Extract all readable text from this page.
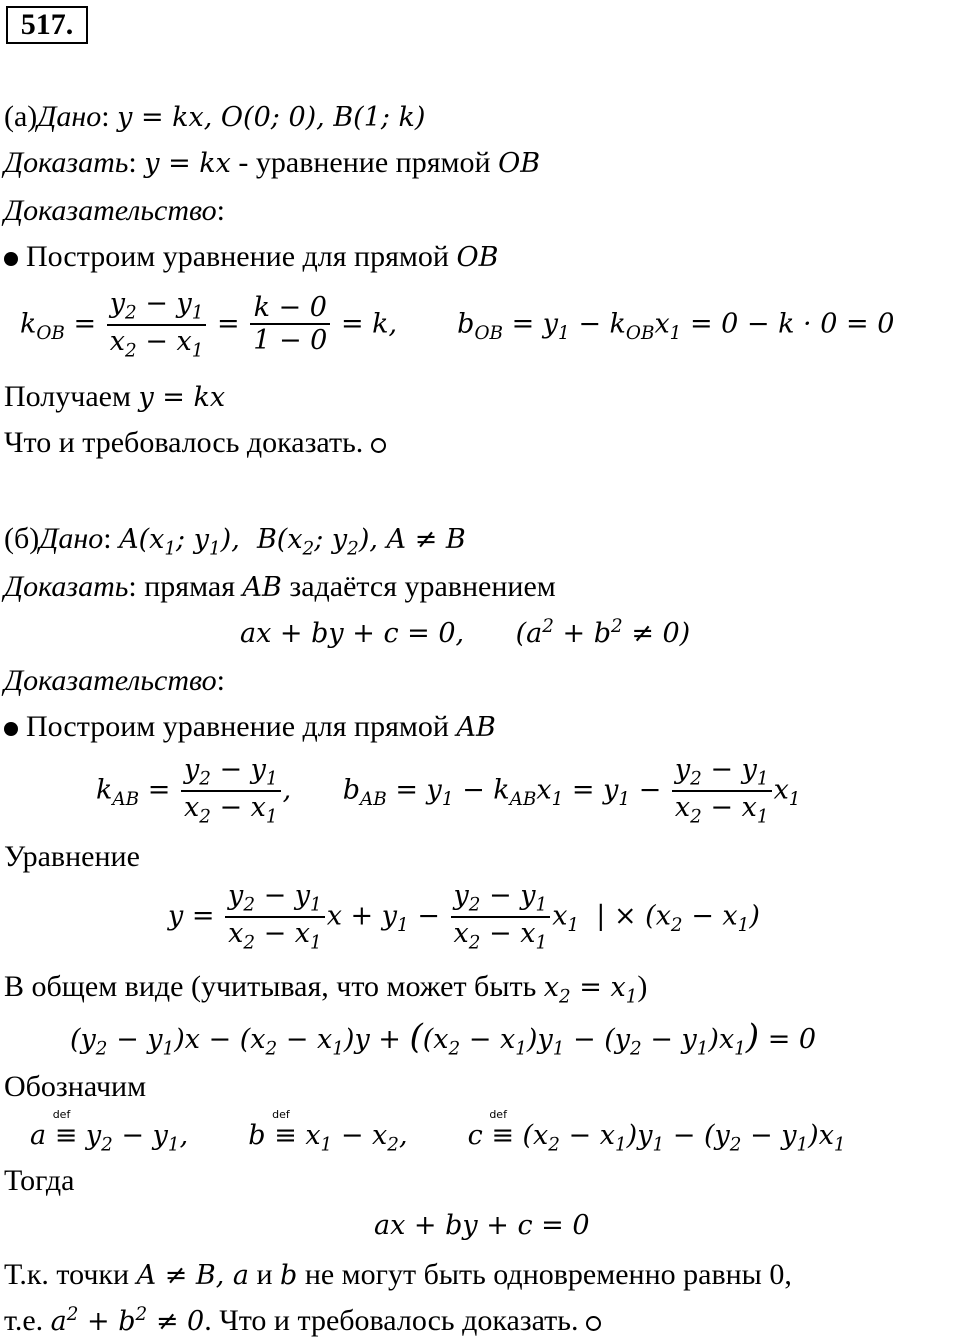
517.
(а)Дано: y = kx, O(0; 0), B(1; k)
Доказать: y = kx - уравнение прямой OB
Доказательство:
Построим уравнение для прямой OB
$k_{OB} = \frac{y_2 - y_1}{x_2 - x_1} = \frac{k - 0}{1 - 0} = k$,       $b_{OB} = y_1 - k_{OB}x_1 = 0 - k \cdot 0 = 0$
Получаем y = kx
Что и требовалось доказать.
(б)Дано: $A(x_1$; $y_1$),  $B(x_2$; $y_2$), A ≠ B
Доказать: прямая AB задаётся уравнением
ax + by + c = 0,      $(a^2 + b^2 \ne 0)$
Доказательство:
Построим уравнение для прямой AB
$k_{AB} = \frac{y_2 - y_1}{x_2 - x_1}$ ,      $b_{AB} = y_1 - k_{AB}x_1 = y_1 - \frac{y_2 - y_1}{x_2 - x_1} x_1$
Уравнение
$y = \frac{y_2 - y_1}{x_2 - x_1}$ $x + y_1 - \frac{y_2 - y_1}{x_2 - x_1} x_1$  | × $(x_2 - x_1)$
В общем виде (учитывая, что может быть $x_2 = x_1$)
$(y_2 - y_1)x - (x_2 - x_1)y + ((x_2 - x_1)y_1 - (y_2 - y_1)x_1) = 0$
Обозначим
a ≡
def
$y_2 - y_1$,       b ≡
def
$x_1 - x_2$,       c ≡
def
$(x_2 - x_1)y_1 - (y_2 - y_1)x_1$
Тогда
ax + by + c = 0
Т.к. точки A ≠ B, a и b не могут быть одновременно равны 0,
т.е. $a^2 + b^2 \ne 0$. Что и требовалось доказать.
